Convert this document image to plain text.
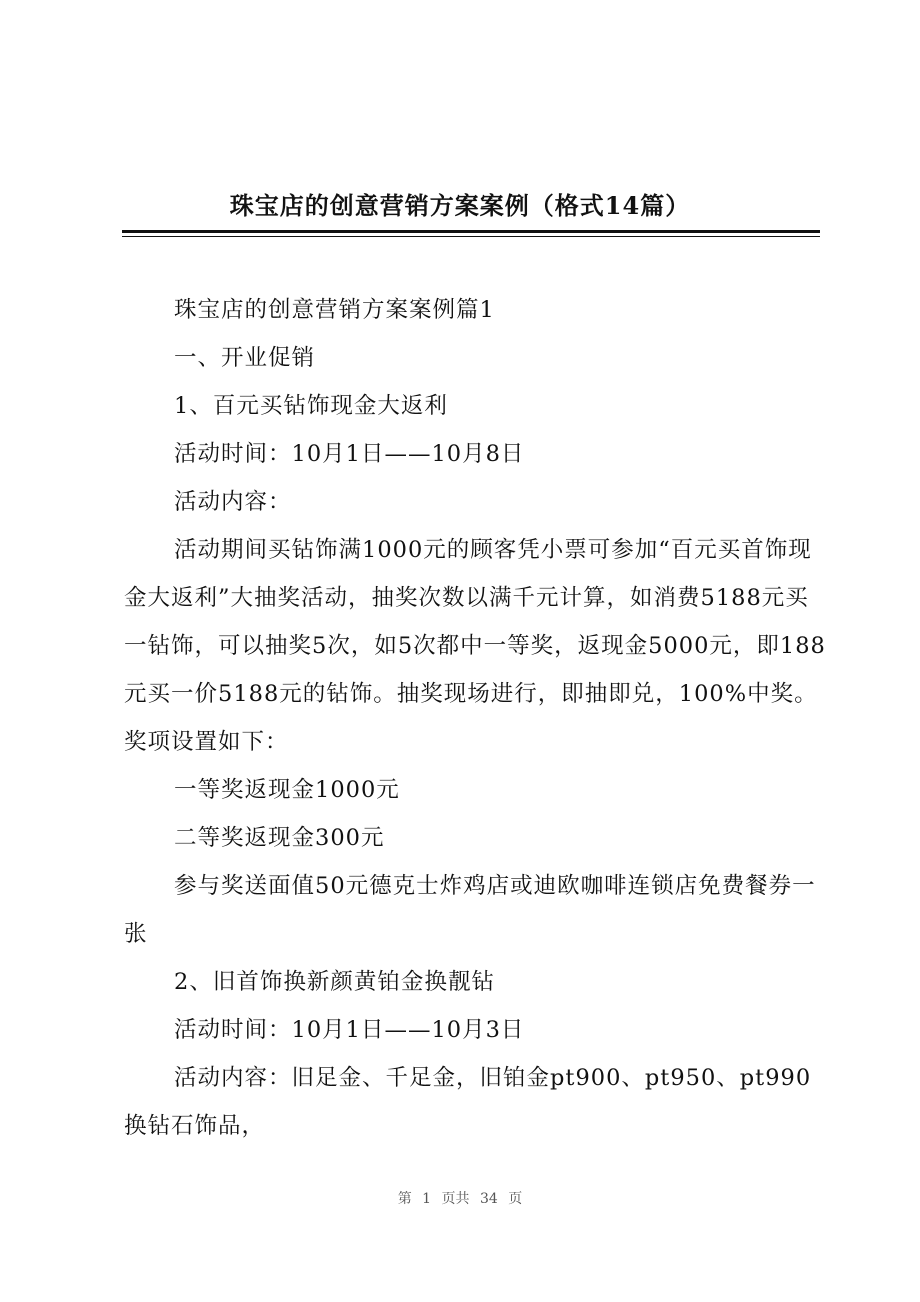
珠宝店的创意营销方案案例（格式14篇）

珠宝店的创意营销方案案例篇1

一、开业促销

1、百元买钻饰现金大返利

活动时间：10月1日——10月8日

活动内容：

活动期间买钻饰满1000元的顾客凭小票可参加“百元买首饰现金大返利”大抽奖活动，抽奖次数以满千元计算，如消费5188元买一钻饰，可以抽奖5次，如5次都中一等奖，返现金5000元，即188元买一价5188元的钻饰。抽奖现场进行，即抽即兑，100%中奖。奖项设置如下：

一等奖返现金1000元

二等奖返现金300元

参与奖送面值50元德克士炸鸡店或迪欧咖啡连锁店免费餐券一张

2、旧首饰换新颜黄铂金换靓钻

活动时间：10月1日——10月3日

活动内容：旧足金、千足金，旧铂金pt900、pt950、pt990换钻石饰品，

第 1 页共 34 页
